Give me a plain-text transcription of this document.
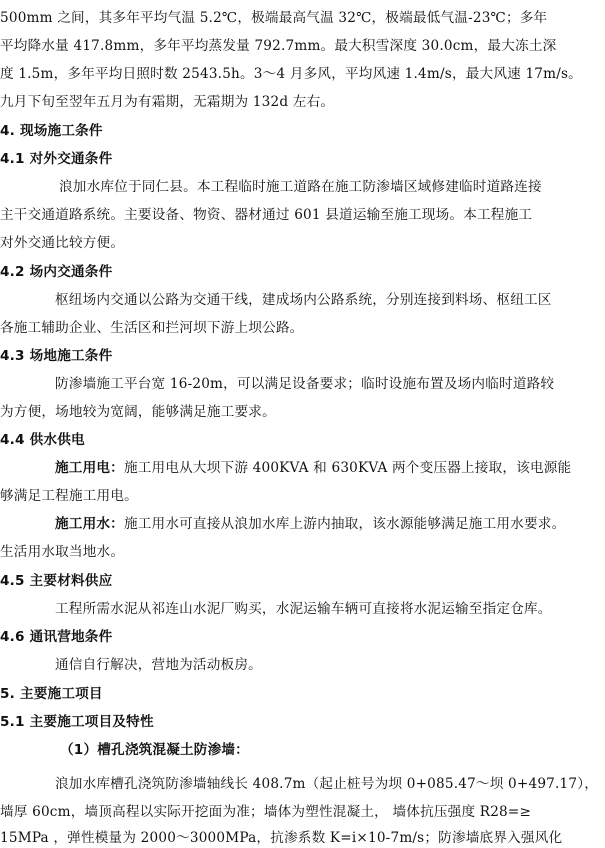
500mm 之间，其多年平均气温 5.2℃，极端最高气温 32℃，极端最低气温-23℃；多年
平均降水量 417.8mm，多年平均蒸发量 792.7mm。最大积雪深度 30.0cm，最大冻土深
度 1.5m，多年平均日照时数 2543.5h。3～4 月多风，平均风速 1.4m/s，最大风速 17m/s。
九月下旬至翌年五月为有霜期，无霜期为 132d 左右。
4. 现场施工条件
4.1 对外交通条件
浪加水库位于同仁县。本工程临时施工道路在施工防渗墙区域修建临时道路连接
主干交通道路系统。主要设备、物资、器材通过 601 县道运输至施工现场。本工程施工
对外交通比较方便。
4.2 场内交通条件
枢纽场内交通以公路为交通干线，建成场内公路系统，分别连接到料场、枢纽工区
各施工辅助企业、生活区和拦河坝下游上坝公路。
4.3 场地施工条件
防渗墙施工平台宽 16-20m，可以满足设备要求；临时设施布置及场内临时道路较
为方便，场地较为宽阔，能够满足施工要求。
4.4 供水供电
施工用电：施工用电从大坝下游 400KVA 和 630KVA 两个变压器上接取，该电源能
够满足工程施工用电。
施工用水：施工用水可直接从浪加水库上游内抽取，该水源能够满足施工用水要求。
生活用水取当地水。
4.5 主要材料供应
工程所需水泥从祁连山水泥厂购买，水泥运输车辆可直接将水泥运输至指定仓库。
4.6 通讯营地条件
通信自行解决，营地为活动板房。
5. 主要施工项目
5.1 主要施工项目及特性
（1）槽孔浇筑混凝土防渗墙：
浪加水库槽孔浇筑防渗墙轴线长 408.7m（起止桩号为坝 0+085.47～坝 0+497.17），
墙厚 60cm，墙顶高程以实际开挖面为准；墙体为塑性混凝土， 墙体抗压强度 R28=≥
15MPa ，弹性模量为 2000～3000MPa，抗渗系数 K=i×10-7m/s；防渗墙底界入强风化
